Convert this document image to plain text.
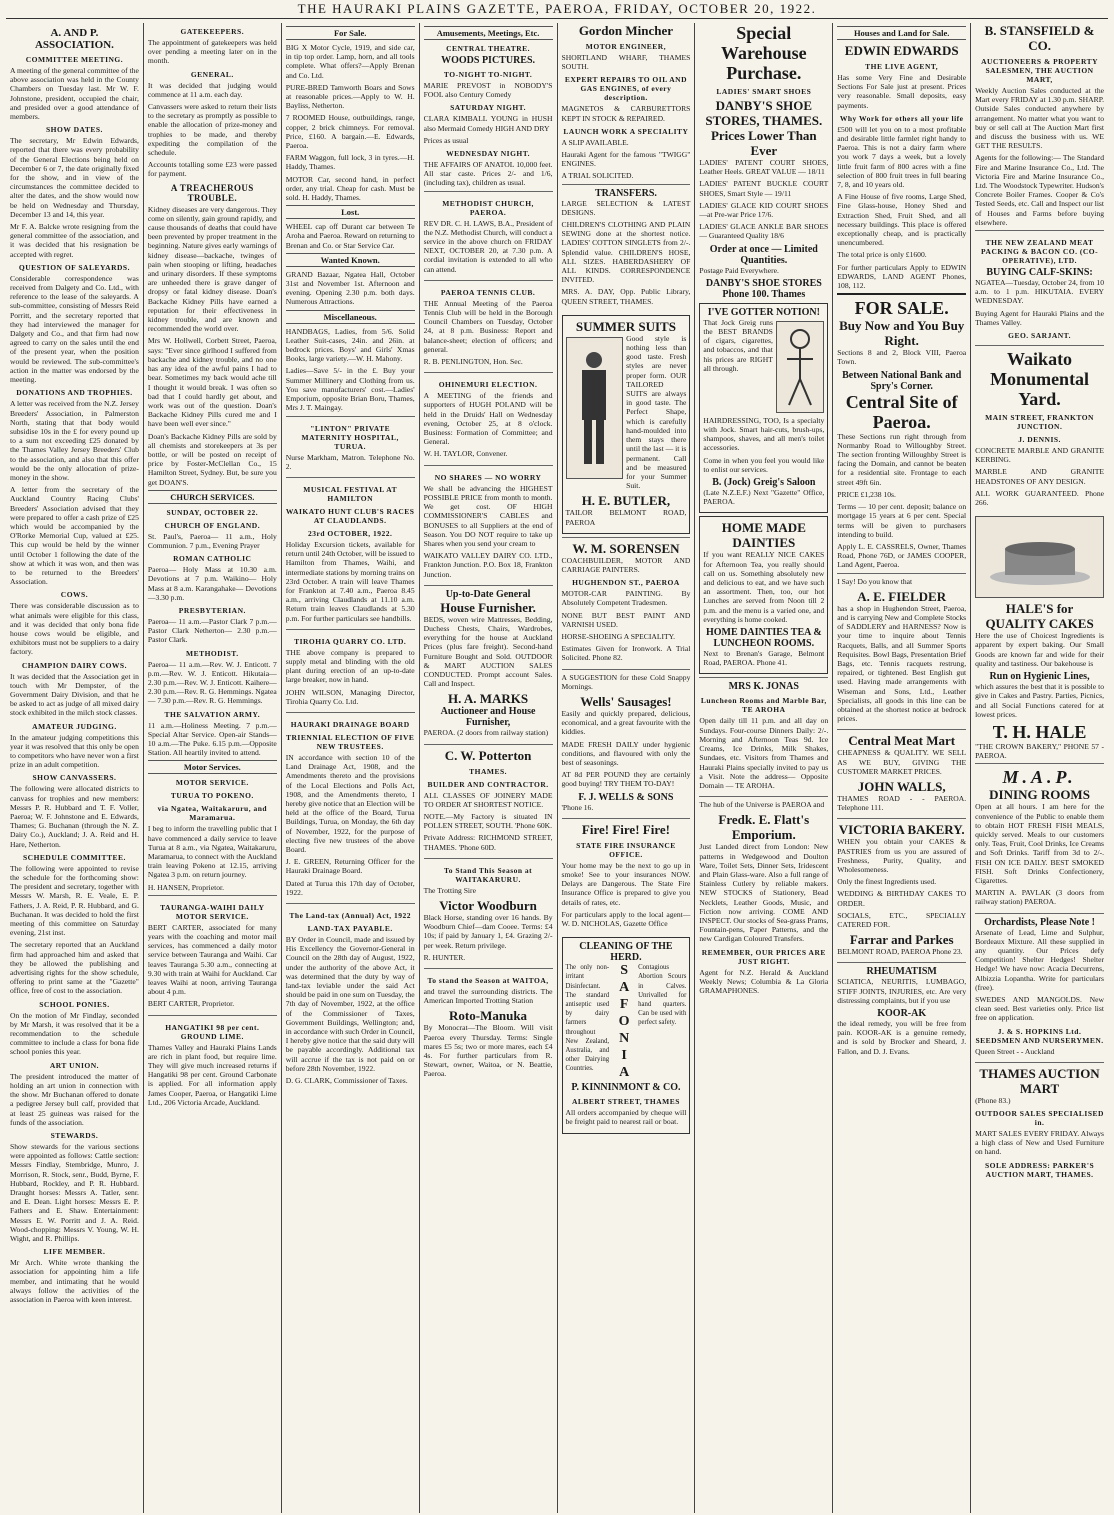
THE HAURAKI PLAINS GAZETTE, PAEROA, FRIDAY, OCTOBER 20, 1922.
A. AND P. ASSOCIATION.
COMMITTEE MEETING.

A meeting of the general committee of the above association was held in the County Chambers on Tuesday last. Mr W. F. Johnstone, president, occupied the chair, and presided over a good attendance of members.

SHOW DATES.

The secretary, Mr Edwin Edwards, reported that there was every probability of the General Elections being held on December 6 or 7, the date originally fixed for the show, and in view of the circumstances the committee decided to alter the dates, and the show would now be held on Wednesday and Thursday, December 13 and 14, this year.

Mr F. A. Balcke wrote resigning from the general committee of the association, and it was decided that his resignation be accepted with regret.

QUESTION OF SALEYARDS.

Considerable correspondence was received from Dalgety and Co. Ltd., with reference to the lease of the saleyards. A sub-committee, consisting of Messrs Reid Porritt, and the secretary reported that they had interviewed the manager for Dalgety and Co., and that firm had now agreed to carry on the sales until the end of the present year, when the position would be reviewed. The sub-committee's action in the matter was endorsed by the meeting.

DONATIONS AND TROPHIES.

A letter was received from the N.Z. Jersey Breeders' Association, in Palmerston North, stating that that body would subsidise 10s in the £ for every pound up to a sum not exceeding £25 donated by the Thames Valley Jersey Breeders' Club to the association, and also that this offer would be the only allocation of prize-money in the show.

A letter from the secretary of the Auckland Country Racing Clubs' Breeders' Association advised that they were prepared to offer a cash prize of £25 which would be accompanied by the O'Rorke Memorial Cup, valued at £25. This cup would be held by the winner until October 1 following the date of the show at which it was won, and then was to be returned to the Breeders' Association.

COWS.

There was considerable discussion as to what animals were eligible for this class, and it was decided that only bona fide house cows would be eligible, and exhibitors must not be suppliers to a dairy factory.

CHAMPION DAIRY COWS.

It was decided that the Association get in touch with Mr Dempster, of the Government Dairy Division, and that he be asked to act as judge of all mixed dairy stock exhibited in the milch stock classes.

AMATEUR JUDGING.

In the amateur judging competitions this year it was resolved that this only be open to competitors who have never won a first prize in an adult competition.

SHOW CANVASSERS.

The following were allocated districts to canvass for trophies and new members: Messrs P. R. Hubbard and T. F. Voller, Paeroa; W. F. Johnstone and E. Edwards, Thames; G. Buchanan (through the N. Z. Dairy Co.), Auckland; J. A. Reid and H. Hare, Netherton.

SCHEDULE COMMITTEE.

The following were appointed to revise the schedule for the forthcoming show: The president and secretary, together with Messrs W. Marsh, R. E. Veale, E. P. Fathers, J. A. Reid, P. R. Hubbard, and G. Buchanan. It was decided to hold the first meeting of this committee on Saturday evening, 21st inst.

The secretary reported that an Auckland firm had approached him and asked that they be allowed the publishing and advertising rights for the show schedule, offering to print same at the "Gazette" office, free of cost to the association.

SCHOOL PONIES.

On the motion of Mr Findlay, seconded by Mr Marsh, it was resolved that it be a recommendation to the schedule committee to include a class for bona fide school ponies this year.

ART UNION.

The president introduced the matter of holding an art union in connection with the show. Mr Buchanan offered to donate a pedigree Jersey bull calf, provided that at least 25 guineas was raised for the funds of the association.

STEWARDS.

Show stewards for the various sections were appointed as follows: Cattle section: Messrs Findlay, Stembridge, Munro, J. Morrison, R. Stock, senr., Budd, Byrne, F. Hubbard, Rockley, and P. R. Hubbard. Draught horses: Messrs A. Tatler, senr. and E. Dean. Light horses: Messrs E. P. Fathers and E. Shaw. Entertainment: Messrs E. W. Porritt and J. A. Reid. Wood-chopping: Messrs V. Young, W. H. Wight, and R. Phillips.

LIFE MEMBER.

Mr Arch. White wrote thanking the association for appointing him a life member, and intimating that he would always follow the activities of the association in Paeroa with keen interest.

GATEKEEPERS.

The appointment of gatekeepers was held over pending a meeting later on in the month.

GENERAL.

It was decided that judging would commence at 11 a.m. each day.

Canvassers were asked to return their lists to the secretary as promptly as possible to enable the allocation of prize-money and trophies to be made, and thereby expediting the compilation of the schedule.

Accounts totalling some £23 were passed for payment.

A TREACHEROUS TROUBLE.

Kidney diseases are very dangerous. They come on silently, gain ground rapidly, and cause thousands of deaths that could have been prevented by proper treatment in the beginning. Nature gives early warnings of kidney disease—backache, twinges of pain when stooping or lifting, headaches and urinary disorders. If these symptoms are unheeded there is grave danger of dropsy or fatal kidney disease. Doan's Backache Kidney Pills have earned a reputation for their effectiveness in kidney trouble, and are known and recommended the world over.

Mrs W. Hollwell, Corbett Street, Paeroa, says: "Ever since girlhood I suffered from backache and kidney trouble, and no one has any idea of the awful pains I had to bear. Sometimes my back would ache till I thought it would break. I was often so bad that I could hardly get about, and work was out of the question. Doan's Backache Kidney Pills cured me and I have been well ever since."

Doan's Backache Kidney Pills are sold by all chemists and storekeepers at 3s per bottle, or will be posted on receipt of price by Foster-McClellan Co., 15 Hamilton Street, Sydney. But, be sure you get DOAN'S.

CHURCH SERVICES.
SUNDAY, OCTOBER 22.
CHURCH OF ENGLAND.

St. Paul's, Paeroa— 11 a.m., Holy Communion. 7 p.m., Evening Prayer

ROMAN CATHOLIC

Paeroa— Holy Mass at 10.30 a.m. Devotions at 7 p.m. Waikino— Holy Mass at 8 a.m. Karangahake— Devotions—3.30 p.m.

PRESBYTERIAN.

Paeroa— 11 a.m.—Pastor Clark 7 p.m.—Pastor Clark Netherton— 2.30 p.m.—Pastor Clark.

METHODIST.

Paeroa— 11 a.m.—Rev. W. J. Enticott. 7 p.m.—Rev. W. J. Enticott. Hikutaia— 2.30 p.m.—Rev. W. J. Enticott. Kaihere— 2.30 p.m.—Rev. R. G. Hemmings. Ngatea— 7.30 p.m.—Rev. R. G. Hemmings.

THE SALVATION ARMY.

11 a.m.—Holiness Meeting. 7 p.m.—Special Altar Service. Open-air Stands— 10 a.m.—The Puke. 6.15 p.m.—Opposite Station. All heartily invited to attend.

Motor Services.
MOTOR SERVICE.
TURUA TO POKENO.
via Ngatea, Waitakaruru, and Maramarua.

I beg to inform the travelling public that I have commenced a daily service to leave Turua at 8 a.m., via Ngatea, Waitakaruru, Maramarua, to connect with the Auckland train leaving Pokeno at 12.15, arriving Ngatea 3 p.m. on return journey.

H. HANSEN, Proprietor.

TAURANGA-WAIHI DAILY MOTOR SERVICE.

BERT CARTER, associated for many years with the coaching and motor mail services, has commenced a daily motor service between Tauranga and Waihi. Car leaves Tauranga 5.30 a.m., connecting at 9.30 with train at Waihi for Auckland. Car leaves Waihi at noon, arriving Tauranga about 4 p.m.

BERT CARTER, Proprietor.

HANGATIKI 98 per cent. GROUND LIME.

Thames Valley and Hauraki Plains Lands are rich in plant food, but require lime. They will give much increased returns if Hangatiki 98 per cent. Ground Carbonate is applied. For all information apply James Cooper, Paeroa, or Hangatiki Lime Ltd., 206 Victoria Arcade, Auckland.

For Sale.

BIG X Motor Cycle, 1919, and side car, in tip top order. Lamp, horn, and all tools complete. What offers?—Apply Brenan and Co. Ltd.

PURE-BRED Tamworth Boars and Sows at reasonable prices.—Apply to W. H. Bayliss, Netherton.

7 ROOMED House, outbuildings, range, copper, 2 brick chimneys. For removal. Price, £160. A bargain.—E. Edwards, Paeroa.

FARM Waggon, full lock, 3 in tyres.—H. Haddy, Thames.

MOTOR Car, second hand, in perfect order, any trial. Cheap for cash. Must be sold. H. Haddy, Thames.

Lost.

WHEEL cap off Durant car between Te Aroha and Paeroa. Reward on returning to Brenan and Co. or Star Service Car.

Wanted Known.

GRAND Bazaar, Ngatea Hall, October 31st and November 1st. Afternoon and evening. Opening 2.30 p.m. both days. Numerous Attractions.

Miscellaneous.

HANDBAGS, Ladies, from 5/6. Solid Leather Suit-cases, 24in. and 26in. at bedrock prices. Boys' and Girls' Xmas Books, large variety.—W. H. Mahony.

Ladies—Save 5/- in the £. Buy your Summer Millinery and Clothing from us. You save manufacturers' cost.—Ladies' Emporium, opposite Brian Boru, Thames, Mrs J. T. Maingay.

"LINTON" PRIVATE MATERNITY HOSPITAL, TURUA.

Nurse Markham, Matron. Telephone No. 2.

MUSICAL FESTIVAL AT HAMILTON
WAIKATO HUNT CLUB'S RACES AT CLAUDLANDS.
23rd OCTOBER, 1922.

Holiday Excursion tickets, available for return until 24th October, will be issued to Hamilton from Thames, Waihi, and intermediate stations by morning trains on 23rd October. A train will leave Thames for Frankton at 7.40 a.m., Paeroa 8.45 a.m., arriving Claudlands at 11.10 a.m. Return train leaves Claudlands at 5.30 p.m. For further particulars see handbills.

TIROHIA QUARRY CO. LTD.

THE above company is prepared to supply metal and blinding with the old plant during erection of an up-to-date large breaker, now in hand.

JOHN WILSON, Managing Director, Tirohia Quarry Co. Ltd.

HAURAKI DRAINAGE BOARD
TRIENNIAL ELECTION OF FIVE NEW TRUSTEES.

IN accordance with section 10 of the Land Drainage Act, 1908, and the Amendments thereto and the provisions of the Local Elections and Polls Act, 1908, and the Amendments thereto, I hereby give notice that an Election will be held at the office of the Board, Turua Buildings, Turua, on Monday, the 6th day of November, 1922, for the purpose of electing five new trustees of the above Board.

J. E. GREEN, Returning Officer for the Hauraki Drainage Board.

Dated at Turua this 17th day of October, 1922.

The Land-tax (Annual) Act, 1922
LAND-TAX PAYABLE.

BY Order in Council, made and issued by His Excellency the Governor-General in Council on the 28th day of August, 1922, under the authority of the above Act, it was determined that the duty by way of land-tax leviable under the said Act should be paid in one sum on Tuesday, the 7th day of November, 1922, at the office of the Commissioner of Taxes, Government Buildings, Wellington; and, in accordance with such Order in Council, I hereby give notice that the said duty will be payable accordingly. Additional tax will accrue if the tax is not paid on or before 28th November, 1922.

D. G. CLARK, Commissioner of Taxes.

Amusements, Meetings, Etc.
CENTRAL THEATRE.
WOODS PICTURES.
TO-NIGHT TO-NIGHT.

MARIE PREVOST in NOBODY'S FOOL also Century Comedy

SATURDAY NIGHT.

CLARA KIMBALL YOUNG in HUSH also Mermaid Comedy HIGH AND DRY

Prices as usual

WEDNESDAY NIGHT.

THE AFFAIRS OF ANATOL 10,000 feet. All star caste. Prices 2/- and 1/6, (including tax), children as usual.

METHODIST CHURCH, PAEROA.

REV DR. C. H. LAWS, B.A., President of the N.Z. Methodist Church, will conduct a service in the above church on FRIDAY NEXT, OCTOBER 20, at 7.30 p.m. A cordial invitation is extended to all who can attend.

PAEROA TENNIS CLUB.

THE Annual Meeting of the Paeroa Tennis Club will be held in the Borough Council Chambers on Tuesday, October 24, at 8 p.m. Business: Report and balance-sheet; election of officers; and general.

R. B. PENLINGTON, Hon. Sec.

OHINEMURI ELECTION.

A MEETING of the friends and supporters of HUGH POLAND will be held in the Druids' Hall on Wednesday evening, October 25, at 8 o'clock. Business: Formation of Committee; and General.

W. H. TAYLOR, Convener.

NO SHARES — NO WORRY

We shall be advancing the HIGHEST POSSIBLE PRICE from month to month. We get cost. OF HIGH COMMISSIONER'S CABLES and BONUSES to all Suppliers at the end of Season. You DO NOT require to take up Shares when you send your cream to

WAIKATO VALLEY DAIRY CO. LTD., Frankton Junction. P.O. Box 18, Frankton Junction.

Up-to-Date General
House Furnisher.

BEDS, woven wire Mattresses, Bedding, Duchess Chests, Chairs, Wardrobes, everything for the house at Auckland Prices (plus fare freight). Second-hand Furniture Bought and Sold. OUTDOOR & MART AUCTION SALES CONDUCTED. Prompt account Sales. Call and Inspect.

H. A. MARKS
Auctioneer and House Furnisher,

PAEROA. (2 doors from railway station)

C. W. Potterton
THAMES.
BUILDER AND CONTRACTOR.

ALL CLASSES OF JOINERY MADE TO ORDER AT SHORTEST NOTICE.

NOTE.—My Factory is situated IN POLLEN STREET, SOUTH. 'Phone 60K.

Private Address: RICHMOND STREET, THAMES. 'Phone 60D.

To Stand This Season at WAITAKARURU.

The Trotting Sire

Victor Woodburn

Black Horse, standing over 16 hands. By Woodburn Chief—dam Cooee. Terms: £4 10s; if paid by January 1, £4. Grazing 2/- per week. Return privilege.

R. HUNTER.

To stand the Season at WAITOA,

and travel the surrounding districts. The American Imported Trotting Station

Roto-Manuka

By Monocrat—The Bloom. Will visit Paeroa every Thursday. Terms: Single mares £5 5s; two or more mares, each £4 4s. For further particulars from R. Stewart, owner, Waitoa, or N. Beattie, Paeroa.

Gordon Mincher
MOTOR ENGINEER,

SHORTLAND WHARF, THAMES SOUTH.

EXPERT REPAIRS TO OIL AND GAS ENGINES, of every description.

MAGNETOS & CARBURETTORS KEPT IN STOCK & REPAIRED.

LAUNCH WORK A SPECIALITY

A SLIP AVAILABLE.

Hauraki Agent for the famous "TWIGG" ENGINES.

A TRIAL SOLICITED.

TRANSFERS.

LARGE SELECTION & LATEST DESIGNS.

CHILDREN'S CLOTHING AND PLAIN SEWING done at the shortest notice. LADIES' COTTON SINGLETS from 2/-. Splendid value. CHILDREN'S HOSE, ALL SIZES. HABERDASHERY OF ALL KINDS. CORRESPONDENCE INVITED.

MRS. A. DAY, Opp. Public Library, QUEEN STREET, THAMES.

SUMMER SUITS

Good style is nothing less than good taste. Fresh styles are never proper form. OUR TAILORED SUITS are always in good taste. The Perfect Shape, which is carefully hand-moulded into them stays there until the last — it is permanent. Call and be measured for your Summer Suit.

H. E. BUTLER,

TAILOR BELMONT ROAD, PAEROA

W. M. SORENSEN

COACHBUILDER, MOTOR AND CARRIAGE PAINTERS.

HUGHENDON ST., PAEROA

MOTOR-CAR PAINTING. By Absolutely Competent Tradesmen.

NONE BUT BEST PAINT AND VARNISH USED.

HORSE-SHOEING A SPECIALITY.

Estimates Given for Ironwork. A Trial Solicited. Phone 82.

A SUGGESTION for these Cold Snappy Mornings.

Wells' Sausages!

Easily and quickly prepared, delicious, economical, and a great favourite with the kiddies.

MADE FRESH DAILY under hygienic conditions, and flavoured with only the best of seasonings.

AT 8d PER POUND they are certainly good buying! TRY THEM TO-DAY!

F. J. WELLS & SONS

'Phone 16.

Fire! Fire! Fire!
STATE FIRE INSURANCE OFFICE.

Your home may be the next to go up in smoke! See to your insurances NOW. Delays are Dangerous. The State Fire Insurance Office is prepared to give you details of rates, etc.

For particulars apply to the local agent— W. D. NICHOLAS, Gazette Office

CLEANING OF THE HERD.

The only non-irritant Disinfectant. The standard antiseptic used by dairy farmers throughout New Zealand, Australia, and other Dairying Countries.	SAFONIA Contagious Abortion Scours in Calves. Unrivalled for hand quarters. Can be used with perfect safety.

P. KINNINMONT & CO.
ALBERT STREET, THAMES

All orders accompanied by cheque will be freight paid to nearest rail or boat.

Special Warehouse Purchase.
LADIES' SMART SHOES
DANBY'S SHOE STORES, THAMES.
Prices Lower Than Ever

LADIES' PATENT COURT SHOES, Leather Heels. GREAT VALUE — 18/11

LADIES' PATENT BUCKLE COURT SHOES, Smart Style — 19/11

LADIES' GLACE KID COURT SHOES—at Pre-war Price 17/6.

LADIES' GLACE ANKLE BAR SHOES — Guaranteed Quality 18/6

Order at once — Limited Quantities.

Postage Paid Everywhere.

DANBY'S SHOE STORES Phone 100. Thames
I'VE GOTTER NOTION!

That Jock Greig runs the BEST BRANDS of cigars, cigarettes, and tobaccos, and that his prices are RIGHT all through.

HAIRDRESSING, TOO, Is a specialty with Jock. Smart hair-cuts, brush-ups, shampoos, shaves, and all men's toilet accessories.

Come in when you feel you would like to enlist our services.

B. (Jock) Greig's Saloon

(Late N.Z.E.F.) Next "Gazette" Office, PAEROA.

HOME MADE DAINTIES

If you want REALLY NICE CAKES for Afternoon Tea, you really should call on us. Something absolutely new and delicious to eat, and we have such an assortment. Then, too, our hot Lunches are served from Noon till 2 p.m. and the menu is a varied one, and everything is home cooked.

HOME DAINTIES TEA & LUNCHEON ROOMS.

Next to Brenan's Garage, Belmont Road, PAEROA. Phone 41.

MRS K. JONAS
Luncheon Rooms and Marble Bar, TE AROHA

Open daily till 11 p.m. and all day on Sundays. Four-course Dinners Daily: 2/-. Morning and Afternoon Teas 9d. Ice Creams, Ice Drinks, Milk Shakes, Sundaes, etc. Visitors from Thames and Hauraki Plains specially invited to pay us a Visit. Note the address— Opposite Domain — TE AROHA.

The hub of the Universe is PAEROA and

Fredk. E. Flatt's Emporium.

Just Landed direct from London: New patterns in Wedgewood and Doulton Ware, Toilet Sets, Dinner Sets, Iridescent and Plain Glass-ware. Also a full range of Stainless Cutlery by reliable makers. NEW STOCKS of Stationery, Bead Necklets, Leather Goods, Music, and Fiction now arriving. COME AND INSPECT. Our stocks of Sea-grass Prams, Fountain-pens, Paper Patterns, and the new Cardigan Coloured Transfers.

REMEMBER, OUR PRICES ARE JUST RIGHT.

Agent for N.Z. Herald & Auckland Weekly News; Columbia & La Gloria GRAMAPHONES.

Houses and Land for Sale.
EDWIN EDWARDS
THE LIVE AGENT,

Has some Very Fine and Desirable Sections For Sale just at present. Prices very reasonable. Small deposits, easy payments.

Why Work for others all your life

£500 will let you on to a most profitable and desirable little farmlet right handy to Paeroa. This is not a dairy farm where you work 7 days a week, but a lovely little fruit farm of 800 acres with a fine selection of 800 fruit trees in full bearing 7, 8, and 10 years old.

A Fine House of five rooms, Large Shed, Fine Glass-house, Honey Shed and Extraction Shed, Fruit Shed, and all necessary buildings. This place is offered exceptionally cheap, and is practically unencumbered.

The total price is only £1600.

For further particulars Apply to EDWIN EDWARDS, LAND AGENT Phones, 108, 112.

FOR SALE.
Buy Now and You Buy Right.

Sections 8 and 2, Block VIII, Paeroa Town.

Between National Bank and Spry's Corner.
Central Site of Paeroa.

These Sections run right through from Normanby Road to Willoughby Street. The section fronting Willoughby Street is facing the Domain, and cannot be beaten for a residential site. Frontage to each street 49ft 6in.

PRICE £1,238 10s.

Terms — 10 per cent. deposit; balance on mortgage 15 years at 6 per cent. Special terms will be given to purchasers intending to build.

Apply L. E. CASSRELS, Owner, Thames Road, Phone 76D, or JAMES COOPER, Land Agent, Paeroa.

I Say! Do you know that

A. E. FIELDER

has a shop in Hughendon Street, Paeroa, and is carrying New and Complete Stocks of SADDLERY and HARNESS? Now is your time to inquire about Tennis Racquets, Balls, and all Summer Sports Requisites. Bowl Bags, Presentation Brief Bags, etc. Tennis racquets restrung, repaired, or tightened. Best English gut used. Having made arrangements with Wiseman and Sons, Ltd., Leather Specialists, all goods in this line can be obtained at the shortest notice at bedrock prices.

Central Meat Mart

CHEAPNESS & QUALITY. WE SELL AS WE BUY, GIVING THE CUSTOMER MARKET PRICES.

JOHN WALLS,

THAMES ROAD - - PAEROA. Telephone 111.

VICTORIA BAKERY.

WHEN you obtain your CAKES & PASTRIES from us you are assured of Freshness, Purity, Quality, and Wholesomeness.

Only the finest Ingredients used.

WEDDING & BIRTHDAY CAKES TO ORDER.

SOCIALS, ETC., SPECIALLY CATERED FOR.

Farrar and Parkes

BELMONT ROAD, PAEROA Phone 23.

RHEUMATISM

SCIATICA, NEURITIS, LUMBAGO, STIFF JOINTS, INJURIES, etc. Are very distressing complaints, but if you use

KOOR-AK

the ideal remedy, you will be free from pain. KOOR-AK is a genuine remedy, and is sold by Brocker and Sheard, J. Fallon, and D. J. Evans.

B. STANSFIELD & CO.
AUCTIONEERS & PROPERTY SALESMEN, THE AUCTION MART,

Weekly Auction Sales conducted at the Mart every FRIDAY at 1.30 p.m. SHARP. Outside Sales conducted anywhere by arrangement. No matter what you want to buy or sell call at The Auction Mart first and discuss the business with us. WE GET THE RESULTS.

Agents for the following:— The Standard Fire and Marine Insurance Co., Ltd. The Victoria Fire and Marine Insurance Co., Ltd. The Woodstock Typewriter. Hudson's Concrete Boiler Frames. Cooper & Co's Tested Seeds, etc. Call and Inspect our list of Houses and Farms before buying elsewhere.

THE NEW ZEALAND MEAT PACKING & BACON CO. (CO-OPERATIVE), LTD.
BUYING CALF-SKINS:

NGATEA—Tuesday, October 24, from 10 a.m. to 1 p.m. HIKUTAIA. EVERY WEDNESDAY.

Buying Agent for Hauraki Plains and the Thames Valley.

GEO. SARJANT.
Waikato Monumental Yard.
MAIN STREET, FRANKTON JUNCTION.
J. DENNIS.

CONCRETE MARBLE AND GRANITE KERBING.

MARBLE AND GRANITE HEADSTONES OF ANY DESIGN.

ALL WORK GUARANTEED. Phone 266.

HALE'S for QUALITY CAKES

Here the use of Choicest Ingredients is apparent by expert baking. Our Small Goods are known far and wide for their quality and tastiness. Our bakehouse is

Run on Hygienic Lines,

which assures the best that it is possible to give in Cakes and Pastry. Parties, Picnics, and all Social Functions catered for at lowest prices.

T. H. HALE

"THE CROWN BAKERY," PHONE 57 - PAEROA.

M.A.P.
DINING ROOMS

Open at all hours. I am here for the convenience of the Public to enable them to obtain HOT FRESH FISH MEALS, quickly served. Meals to our customers only. Teas, Fruit, Cool Drinks, Ice Creams and Soft Drinks. Tariff from 3d to 2/-. FISH ON ICE DAILY. BEST SMOKED FISH. Soft Drinks Confectionery, Cigarettes.

MARTIN A. PAVLAK (3 doors from railway station) PAEROA.

Orchardists, Please Note !

Arsenate of Lead, Lime and Sulphur, Bordeaux Mixture. All these supplied in any quantity. Our Prices defy Competition! Shelter Hedges! Shelter Hedge! We have now: Acacia Decurrens, Albizzia Lopantha. Write for particulars (free).

SWEDES AND MANGOLDS. New clean seed. Best varieties only. Price list free on application.

J. & S. HOPKINS Ltd. SEEDSMEN AND NURSERYMEN.

Queen Street - - Auckland

THAMES AUCTION MART

(Phone 83.)

OUTDOOR SALES SPECIALISED in.

MART SALES EVERY FRIDAY. Always a high class of New and Used Furniture on hand.

SOLE ADDRESS: PARKER'S AUCTION MART, THAMES.
